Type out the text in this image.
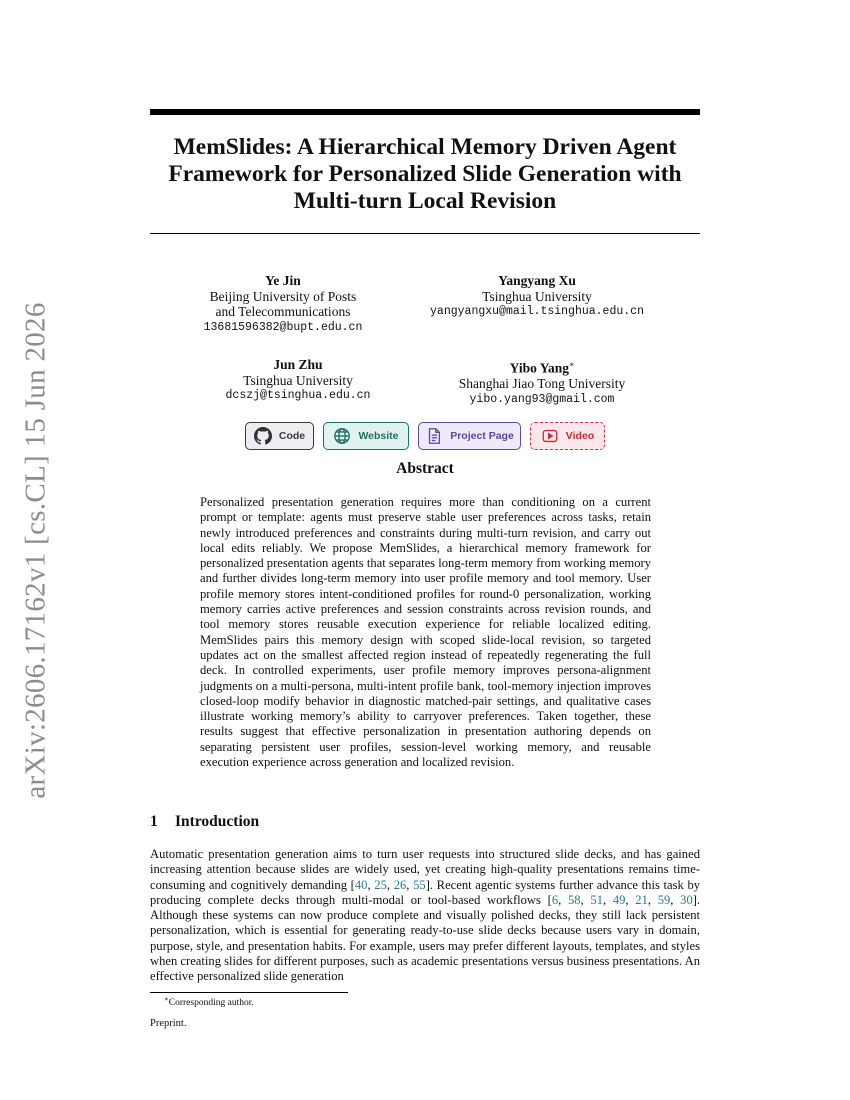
arXiv:2606.17162v1 [cs.CL] 15 Jun 2026
MemSlides: A Hierarchical Memory Driven Agent Framework for Personalized Slide Generation with Multi-turn Local Revision
Ye Jin
Beijing University of Posts
and Telecommunications
13681596382@bupt.edu.cn
Yangyang Xu
Tsinghua University
yangyangxu@mail.tsinghua.edu.cn
Jun Zhu
Tsinghua University
dcszj@tsinghua.edu.cn
Yibo Yang∗
Shanghai Jiao Tong University
yibo.yang93@gmail.com
Code	Website	Project Page	Video
Abstract

Personalized presentation generation requires more than conditioning on a current prompt or template: agents must preserve stable user preferences across tasks, retain newly introduced preferences and constraints during multi-turn revision, and carry out local edits reliably. We propose MemSlides, a hierarchical memory framework for personalized presentation agents that separates long-term memory from working memory and further divides long-term memory into user profile memory and tool memory. User profile memory stores intent-conditioned profiles for round-0 personalization, working memory carries active preferences and session constraints across revision rounds, and tool memory stores reusable execution experience for reliable localized editing. MemSlides pairs this memory design with scoped slide-local revision, so targeted updates act on the smallest affected region instead of repeatedly regenerating the full deck. In controlled experiments, user profile memory improves persona-alignment judgments on a multi-persona, multi-intent profile bank, tool-memory injection improves closed-loop modify behavior in diagnostic matched-pair settings, and qualitative cases illustrate working memory’s ability to carryover preferences. Taken together, these results suggest that effective personalization in presentation authoring depends on separating persistent user profiles, session-level working memory, and reusable execution experience across generation and localized revision.

1 Introduction

Automatic presentation generation aims to turn user requests into structured slide decks, and has gained increasing attention because slides are widely used, yet creating high-quality presentations remains time-consuming and cognitively demanding [40, 25, 26, 55]. Recent agentic systems further advance this task by producing complete decks through multi-modal or tool-based workflows [6, 58, 51, 49, 21, 59, 30]. Although these systems can now produce complete and visually polished decks, they still lack persistent personalization, which is essential for generating ready-to-use slide decks because users vary in domain, purpose, style, and presentation habits. For example, users may prefer different layouts, templates, and styles when creating slides for different purposes, such as academic presentations versus business presentations. An effective personalized slide generation

∗Corresponding author.
Preprint.
